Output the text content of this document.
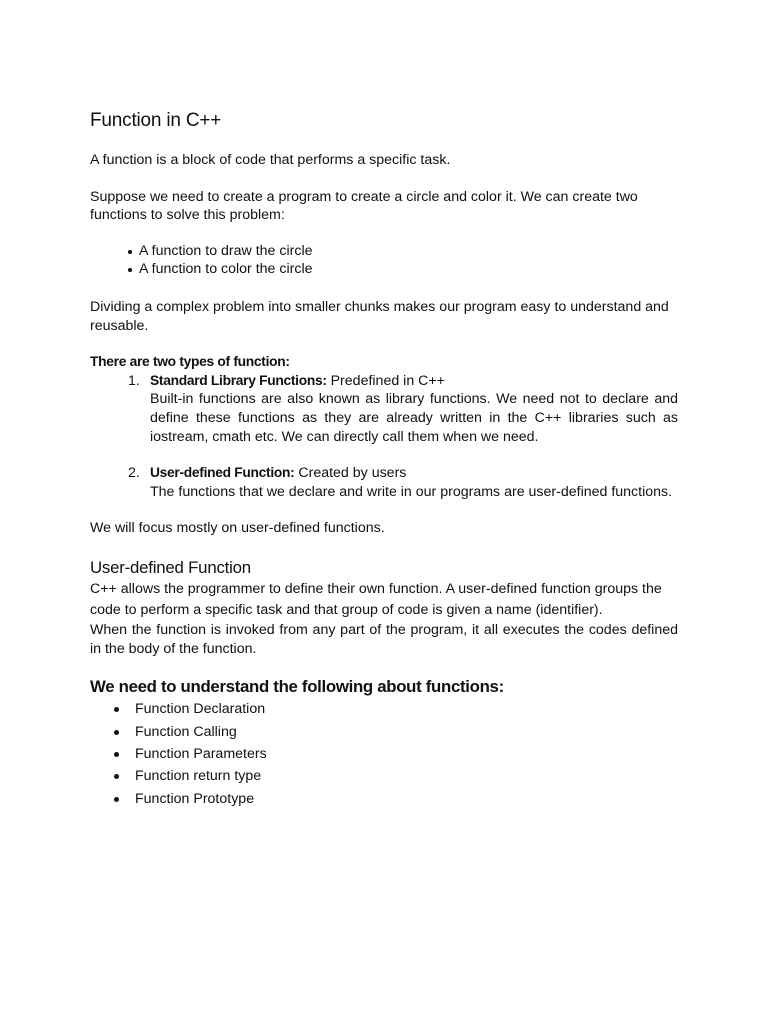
Function in C++

A function is a block of code that performs a specific task.

Suppose we need to create a program to create a circle and color it. We can create two functions to solve this problem:

A function to draw the circle
A function to color the circle

Dividing a complex problem into smaller chunks makes our program easy to understand and reusable.

There are two types of function:

1. Standard Library Functions: Predefined in C++
Built-in functions are also known as library functions. We need not to declare and define these functions as they are already written in the C++ libraries such as iostream, cmath etc. We can directly call them when we need.
2. User-defined Function: Created by users
The functions that we declare and write in our programs are user-defined functions.

We will focus mostly on user-defined functions.

User-defined Function

C++ allows the programmer to define their own function. A user-defined function groups the code to perform a specific task and that group of code is given a name (identifier).

When the function is invoked from any part of the program, it all executes the codes defined in the body of the function.

We need to understand the following about functions:
Function Declaration
Function Calling
Function Parameters
Function return type
Function Prototype
